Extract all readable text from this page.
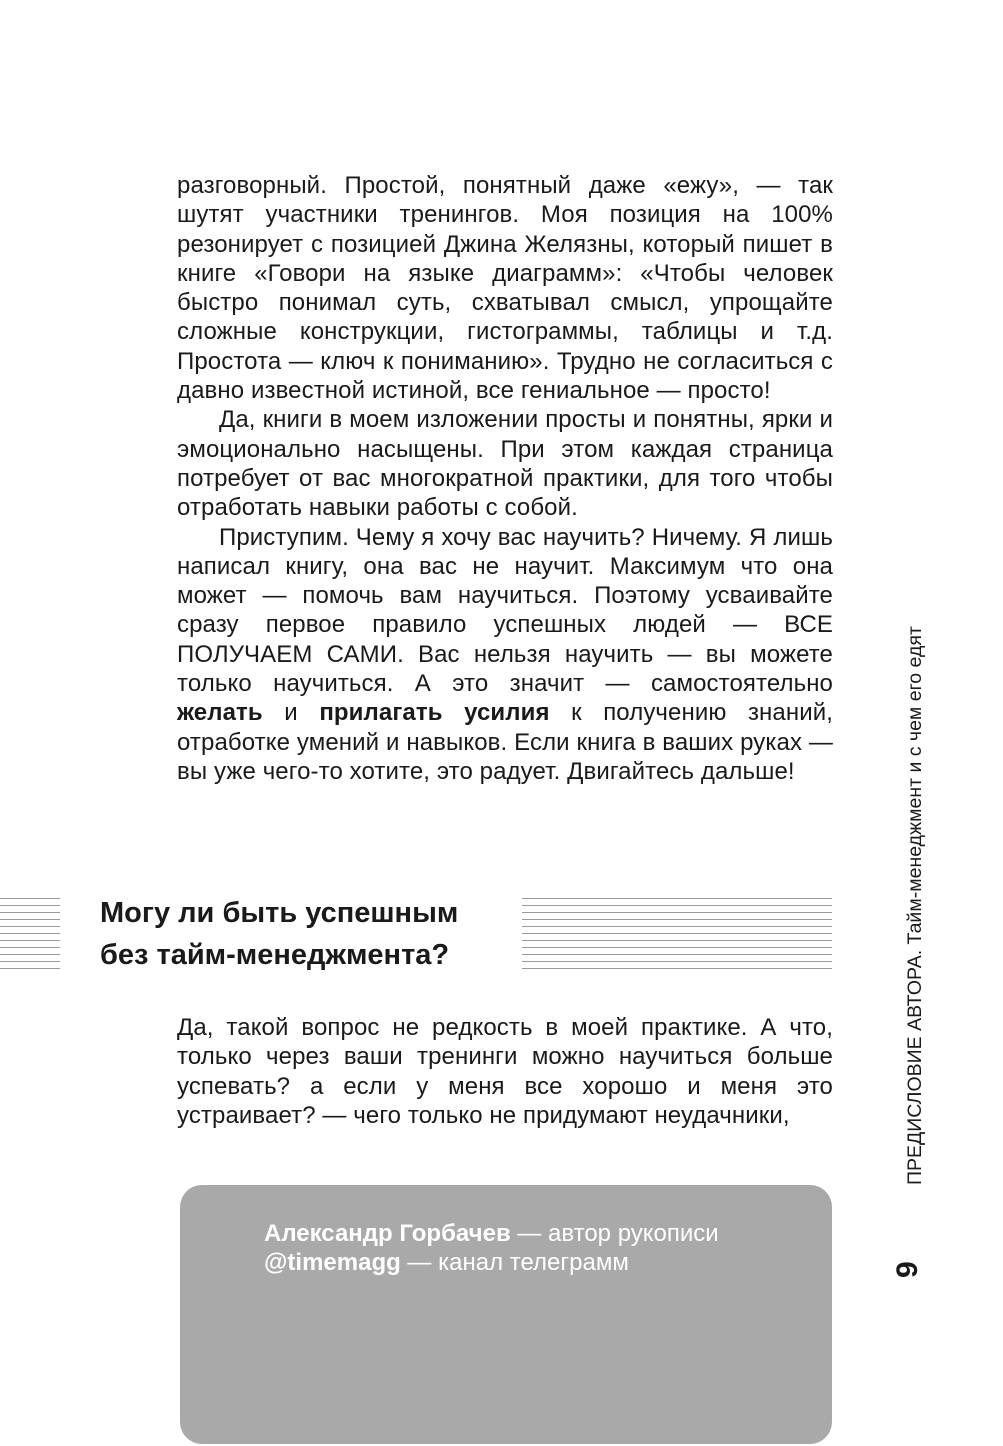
разговорный. Простой, понятный даже «ежу», — так шутят участники тренингов. Моя позиция на 100% резонирует с позицией Джина Желязны, который пишет в книге «Говори на языке диаграмм»: «Чтобы человек быстро понимал суть, схватывал смысл, упрощайте сложные конструкции, гистограммы, таблицы и т.д. Простота — ключ к пониманию». Трудно не согласиться с давно известной истиной, все гениальное — просто!

Да, книги в моем изложении просты и понятны, ярки и эмоционально насыщены. При этом каждая страница потребует от вас многократной практики, для того чтобы отработать навыки работы с собой.

Приступим. Чему я хочу вас научить? Ничему. Я лишь написал книгу, она вас не научит. Максимум что она может — помочь вам научиться. Поэтому усваивайте сразу первое правило успешных людей — ВСЕ ПОЛУЧАЕМ САМИ. Вас нельзя научить — вы можете только научиться. А это значит — самостоятельно желать и прилагать усилия к получению знаний, отработке умений и навыков. Если книга в ваших руках — вы уже чего-то хотите, это радует. Двигайтесь дальше!

Могу ли быть успешным
без тайм-менеджмента?

Да, такой вопрос не редкость в моей практике. А что, только через ваши тренинги можно научиться больше успевать? а если у меня все хорошо и меня это устраивает? — чего только не придумают неудачники,

Александр Горбачев — автор рукописи
@timemagg — канал телеграмм
ПРЕДИСЛОВИЕ АВТОРА. Тайм-менеджмент и с чем его едят
9
